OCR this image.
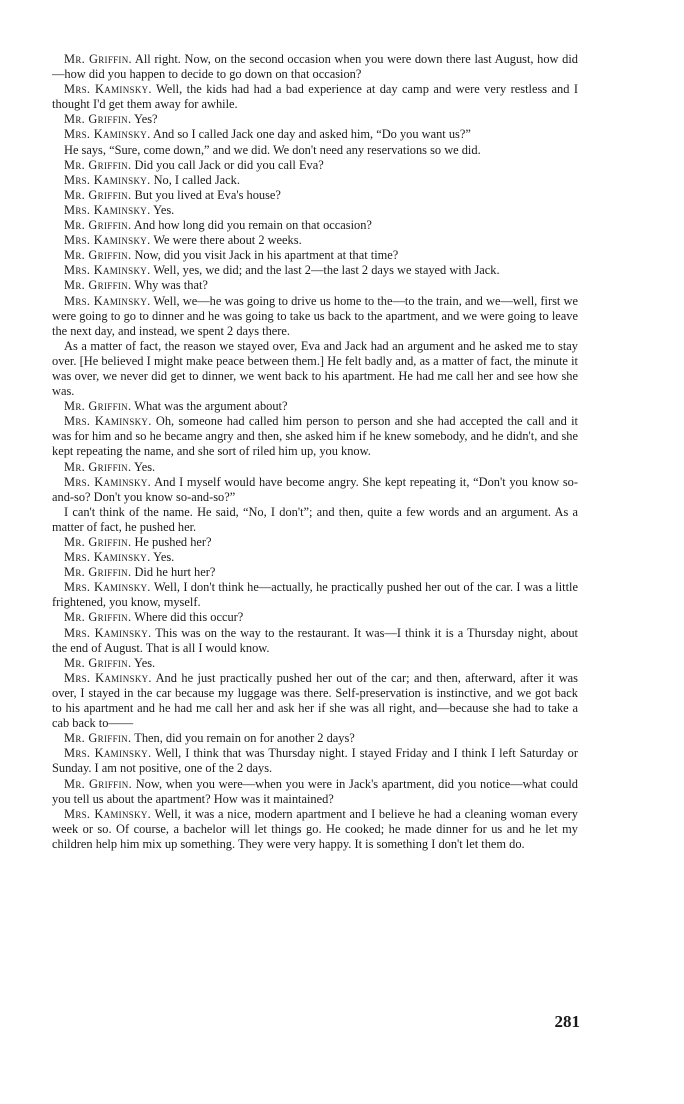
Mr. Griffin. All right. Now, on the second occasion when you were down there last August, how did—how did you happen to decide to go down on that occasion?

Mrs. Kaminsky. Well, the kids had had a bad experience at day camp and were very restless and I thought I'd get them away for awhile.

Mr. Griffin. Yes?

Mrs. Kaminsky. And so I called Jack one day and asked him, “Do you want us?”

He says, “Sure, come down,” and we did. We don't need any reservations so we did.

Mr. Griffin. Did you call Jack or did you call Eva?

Mrs. Kaminsky. No, I called Jack.

Mr. Griffin. But you lived at Eva's house?

Mrs. Kaminsky. Yes.

Mr. Griffin. And how long did you remain on that occasion?

Mrs. Kaminsky. We were there about 2 weeks.

Mr. Griffin. Now, did you visit Jack in his apartment at that time?

Mrs. Kaminsky. Well, yes, we did; and the last 2—the last 2 days we stayed with Jack.

Mr. Griffin. Why was that?

Mrs. Kaminsky. Well, we—he was going to drive us home to the—to the train, and we—well, first we were going to go to dinner and he was going to take us back to the apartment, and we were going to leave the next day, and instead, we spent 2 days there.

As a matter of fact, the reason we stayed over, Eva and Jack had an argument and he asked me to stay over. [He believed I might make peace between them.] He felt badly and, as a matter of fact, the minute it was over, we never did get to dinner, we went back to his apartment. He had me call her and see how she was.

Mr. Griffin. What was the argument about?

Mrs. Kaminsky. Oh, someone had called him person to person and she had accepted the call and it was for him and so he became angry and then, she asked him if he knew somebody, and he didn't, and she kept repeating the name, and she sort of riled him up, you know.

Mr. Griffin. Yes.

Mrs. Kaminsky. And I myself would have become angry. She kept repeating it, “Don't you know so-and-so? Don't you know so-and-so?”

I can't think of the name. He said, “No, I don't”; and then, quite a few words and an argument. As a matter of fact, he pushed her.

Mr. Griffin. He pushed her?

Mrs. Kaminsky. Yes.

Mr. Griffin. Did he hurt her?

Mrs. Kaminsky. Well, I don't think he—actually, he practically pushed her out of the car. I was a little frightened, you know, myself.

Mr. Griffin. Where did this occur?

Mrs. Kaminsky. This was on the way to the restaurant. It was—I think it is a Thursday night, about the end of August. That is all I would know.

Mr. Griffin. Yes.

Mrs. Kaminsky. And he just practically pushed her out of the car; and then, afterward, after it was over, I stayed in the car because my luggage was there. Self-preservation is instinctive, and we got back to his apartment and he had me call her and ask her if she was all right, and—because she had to take a cab back to——

Mr. Griffin. Then, did you remain on for another 2 days?

Mrs. Kaminsky. Well, I think that was Thursday night. I stayed Friday and I think I left Saturday or Sunday. I am not positive, one of the 2 days.

Mr. Griffin. Now, when you were—when you were in Jack's apartment, did you notice—what could you tell us about the apartment? How was it maintained?

Mrs. Kaminsky. Well, it was a nice, modern apartment and I believe he had a cleaning woman every week or so. Of course, a bachelor will let things go. He cooked; he made dinner for us and he let my children help him mix up something. They were very happy. It is something I don't let them do.

281
